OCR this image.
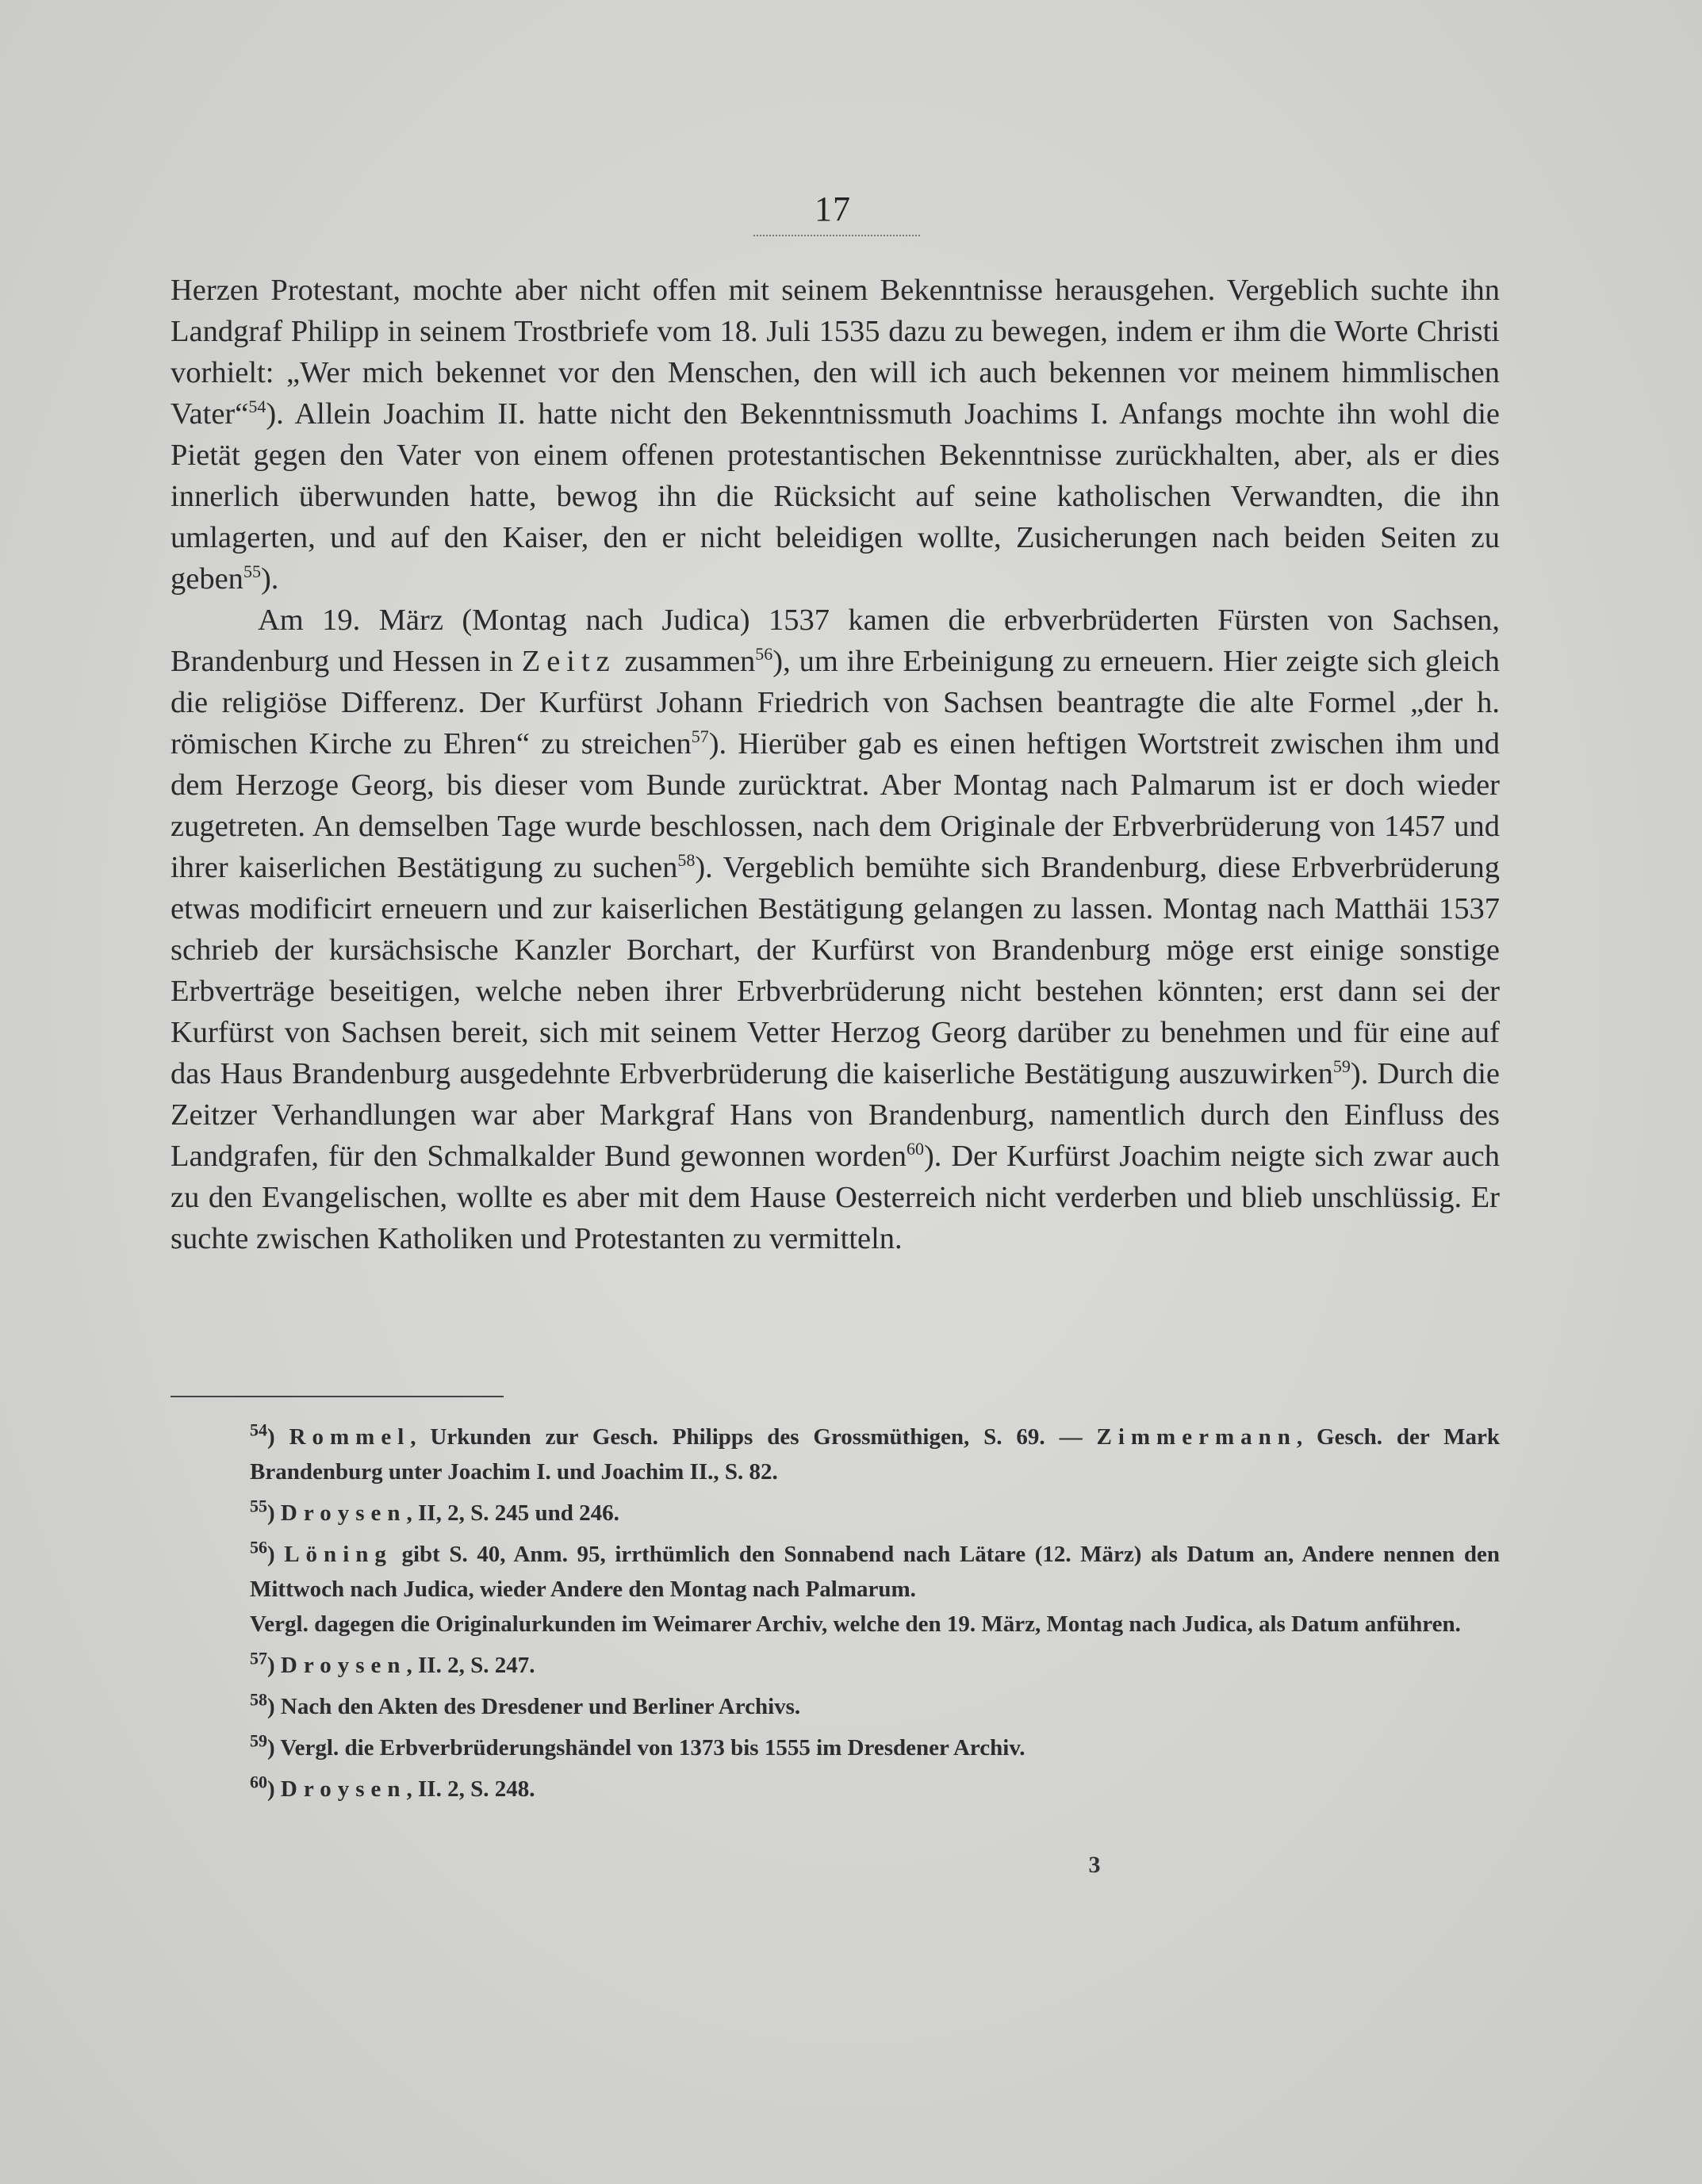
17

Herzen Protestant, mochte aber nicht offen mit seinem Bekenntnisse herausgehen. Vergeblich suchte ihn Landgraf Philipp in seinem Trostbriefe vom 18. Juli 1535 dazu zu bewegen, indem er ihm die Worte Christi vorhielt: „Wer mich bekennet vor den Menschen, den will ich auch bekennen vor meinem himmlischen Vater“$^{54}$). Allein Joachim II. hatte nicht den Bekenntnissmuth Joachims I. Anfangs mochte ihn wohl die Pietät gegen den Vater von einem offenen protestantischen Bekenntnisse zurückhalten, aber, als er dies innerlich überwunden hatte, bewog ihn die Rücksicht auf seine katholischen Verwandten, die ihn umlagerten, und auf den Kaiser, den er nicht beleidigen wollte, Zusicherungen nach beiden Seiten zu geben$^{55}$).

Am 19. März (Montag nach Judica) 1537 kamen die erbverbrüderten Fürsten von Sachsen, Brandenburg und Hessen in Zeitz zusammen$^{56}$), um ihre Erbeinigung zu erneuern. Hier zeigte sich gleich die religiöse Differenz. Der Kurfürst Johann Friedrich von Sachsen beantragte die alte Formel „der h. römischen Kirche zu Ehren“ zu streichen$^{57}$). Hierüber gab es einen heftigen Wortstreit zwischen ihm und dem Herzoge Georg, bis dieser vom Bunde zurücktrat. Aber Montag nach Palmarum ist er doch wieder zugetreten. An demselben Tage wurde beschlossen, nach dem Originale der Erbverbrüderung von 1457 und ihrer kaiserlichen Bestätigung zu suchen$^{58}$). Vergeblich bemühte sich Brandenburg, diese Erbverbrüderung etwas modificirt erneuern und zur kaiserlichen Bestätigung gelangen zu lassen. Montag nach Matthäi 1537 schrieb der kursächsische Kanzler Borchart, der Kurfürst von Brandenburg möge erst einige sonstige Erbverträge beseitigen, welche neben ihrer Erbverbrüderung nicht bestehen könnten; erst dann sei der Kurfürst von Sachsen bereit, sich mit seinem Vetter Herzog Georg darüber zu benehmen und für eine auf das Haus Brandenburg ausgedehnte Erbverbrüderung die kaiserliche Bestätigung auszuwirken$^{59}$). Durch die Zeitzer Verhandlungen war aber Markgraf Hans von Brandenburg, namentlich durch den Einfluss des Landgrafen, für den Schmalkalder Bund gewonnen worden$^{60}$). Der Kurfürst Joachim neigte sich zwar auch zu den Evangelischen, wollte es aber mit dem Hause Oesterreich nicht verderben und blieb unschlüssig. Er suchte zwischen Katholiken und Protestanten zu vermitteln.

$^{54}$) Rommel, Urkunden zur Gesch. Philipps des Grossmüthigen, S. 69. — Zimmermann, Gesch. der Mark Brandenburg unter Joachim I. und Joachim II., S. 82.

$^{55}$) Droysen, II, 2, S. 245 und 246.

$^{56}$) Löning gibt S. 40, Anm. 95, irrthümlich den Sonnabend nach Lätare (12. März) als Datum an, Andere nennen den Mittwoch nach Judica, wieder Andere den Montag nach Palmarum.
Vergl. dagegen die Originalurkunden im Weimarer Archiv, welche den 19. März, Montag nach Judica, als Datum anführen.

$^{57}$) Droysen, II. 2, S. 247.

$^{58}$) Nach den Akten des Dresdener und Berliner Archivs.

$^{59}$) Vergl. die Erbverbrüderungshändel von 1373 bis 1555 im Dresdener Archiv.

$^{60}$) Droysen, II. 2, S. 248.

3
